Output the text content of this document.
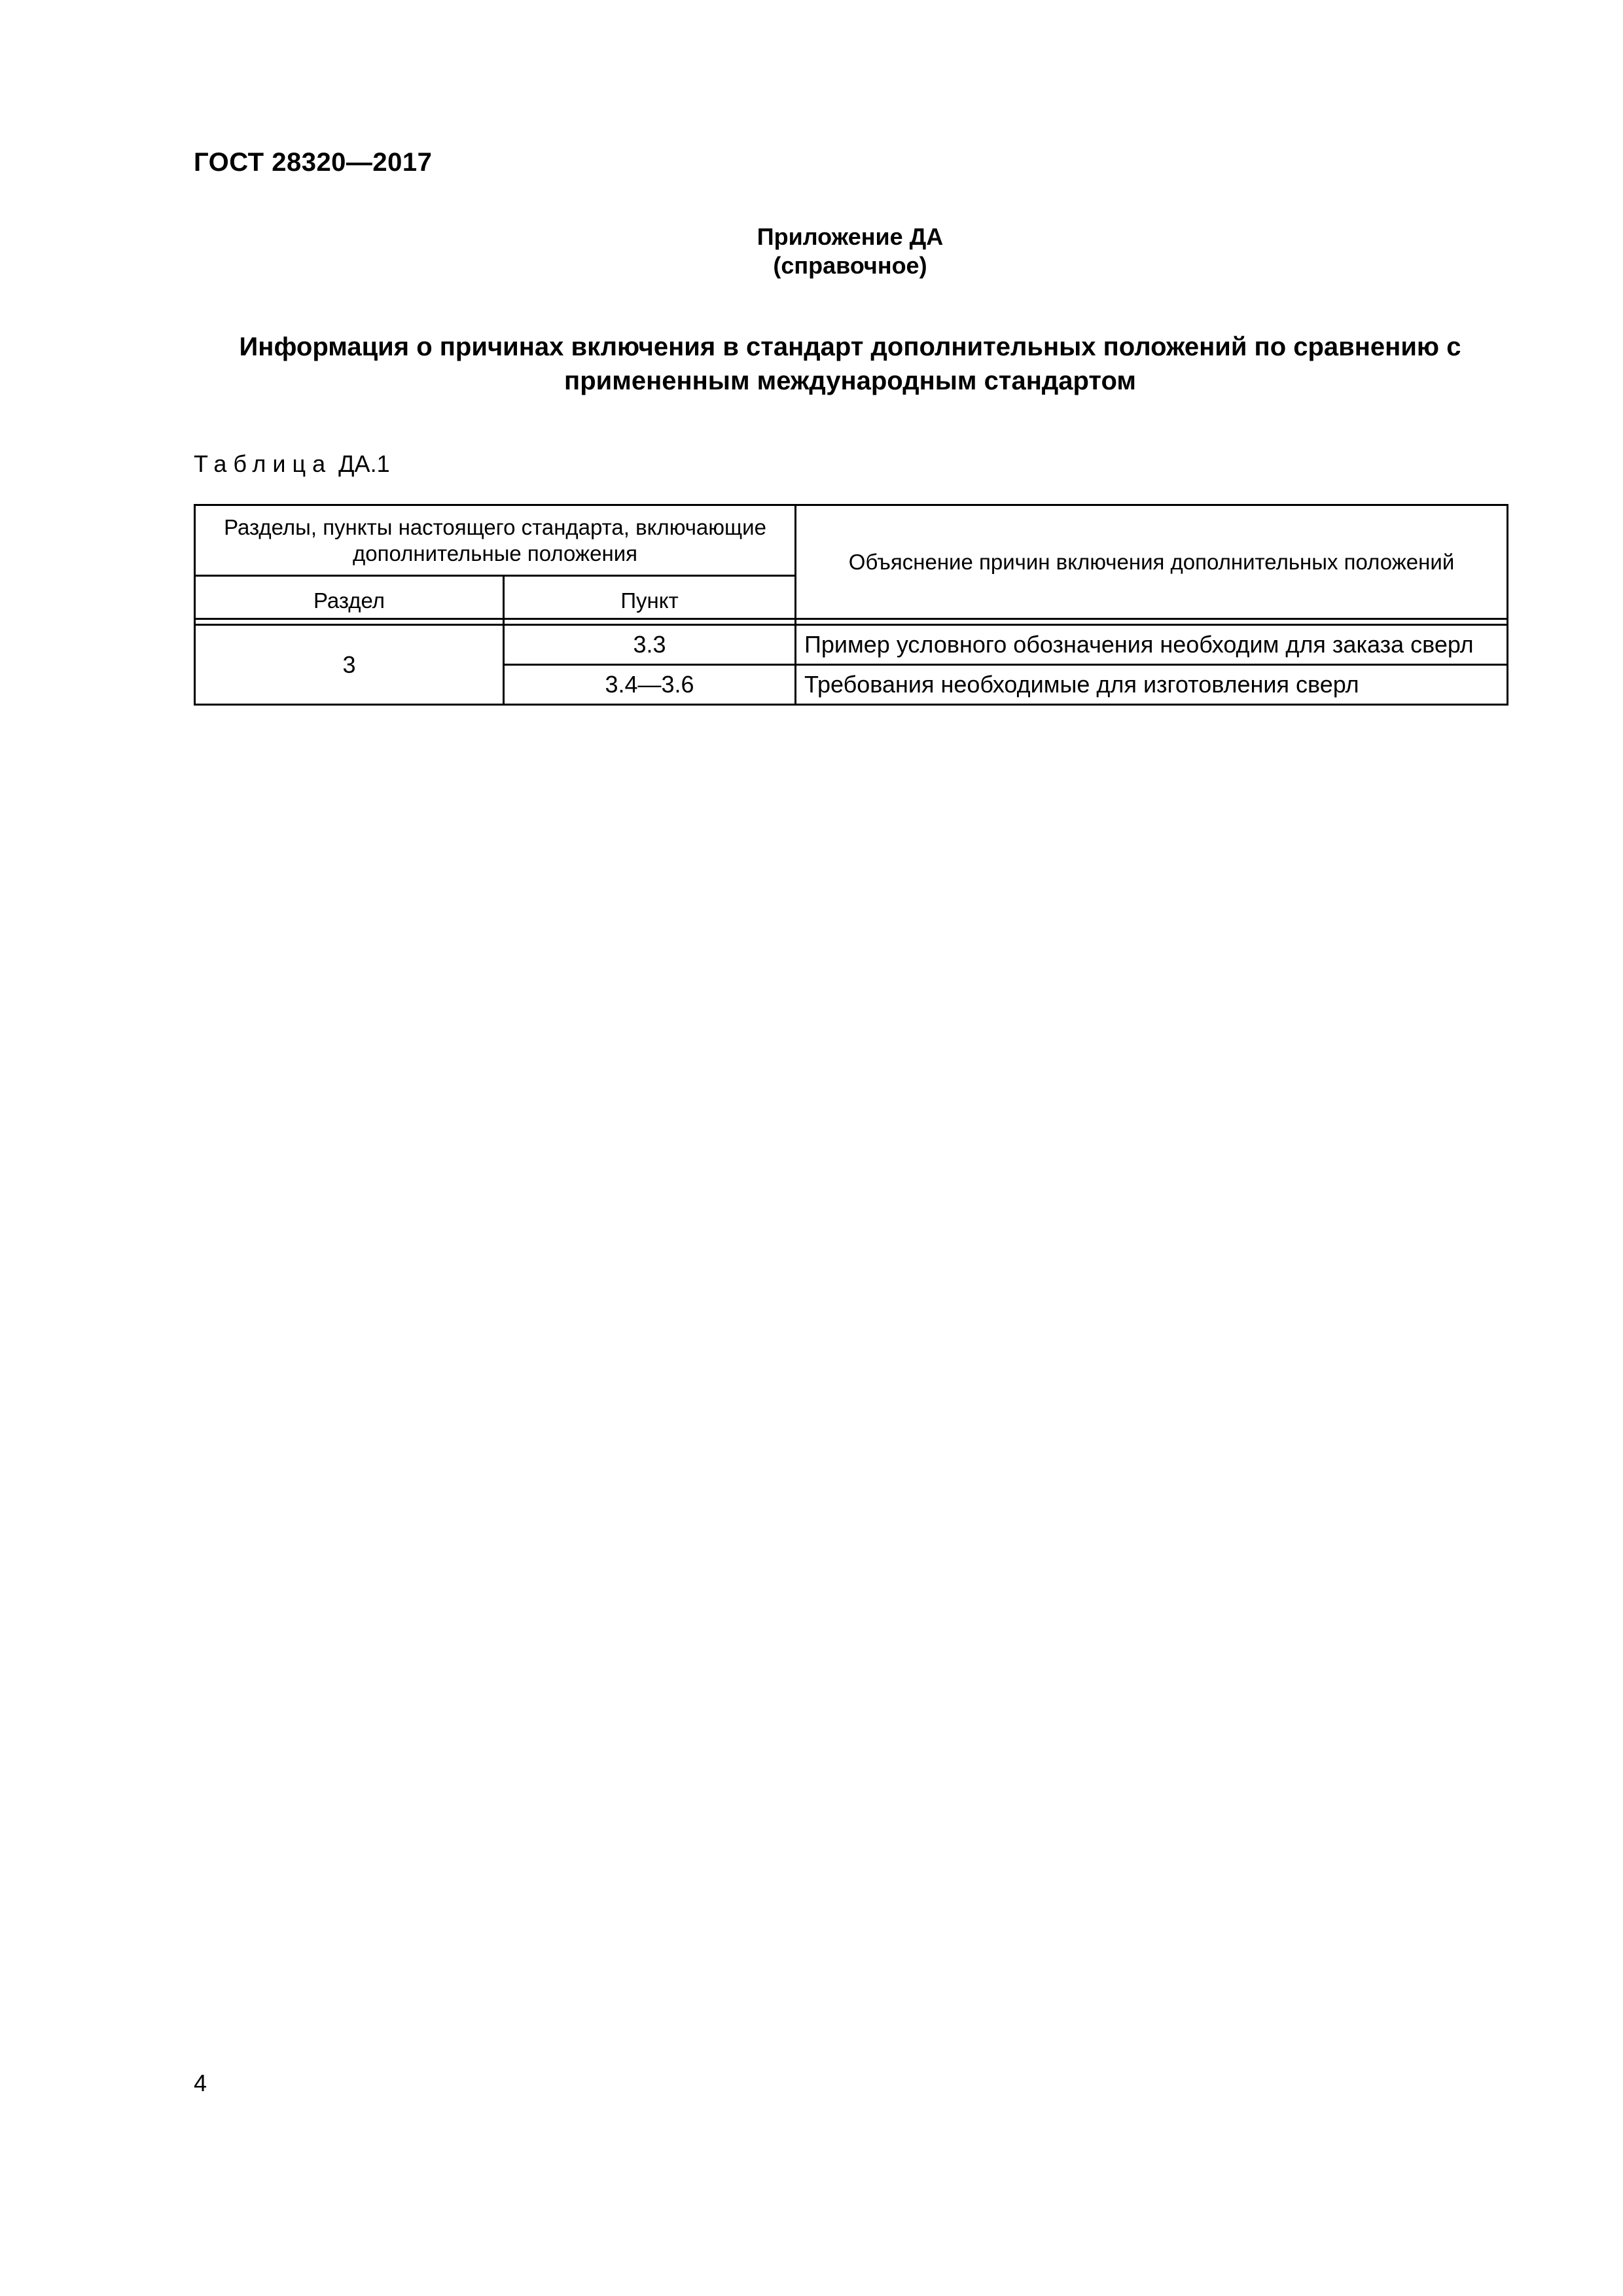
ГОСТ 28320—2017
Приложение ДА
(справочное)
Информация о причинах включения в стандарт дополнительных положений по сравнению с
примененным международным стандартом
Таблица ДА.1
Разделы, пункты настоящего стандарта, включающие дополнительные положения		Объяснение причин включения дополнительных положений
Раздел	Пункт	

3	3.3	Пример условного обозначения необходим для заказа сверл
	3.4—3.6	Требования необходимые для изготовления сверл
4
